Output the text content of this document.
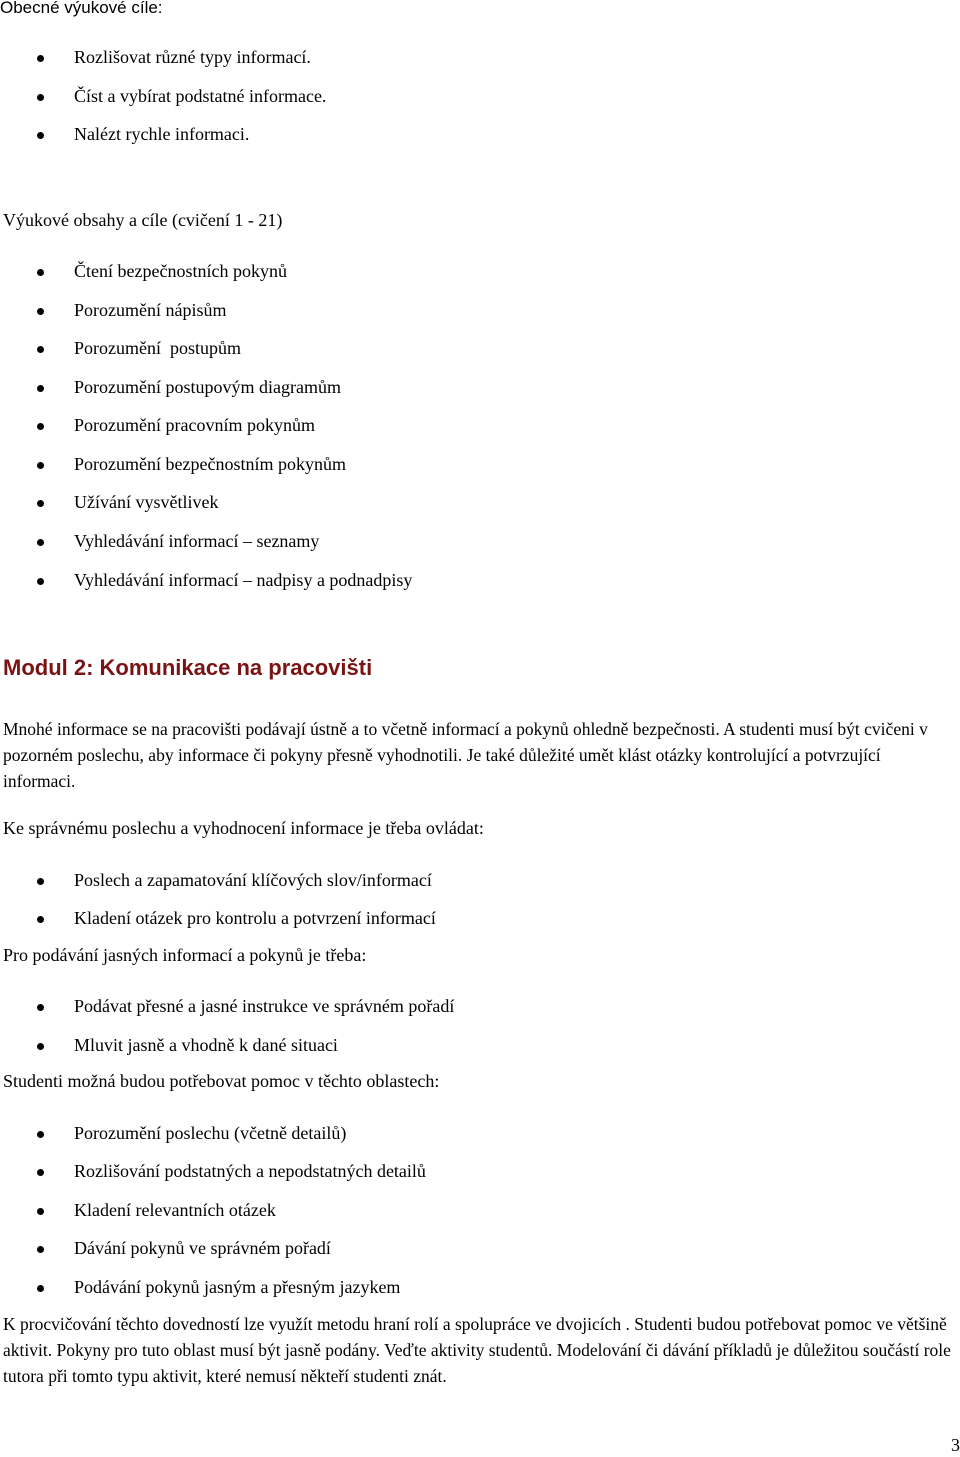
Obecné výukové cíle:
Rozlišovat různé typy informací.
Číst a vybírat podstatné informace.
Nalézt rychle informaci.
Výukové obsahy a cíle (cvičení 1 - 21)
Čtení bezpečnostních pokynů
Porozumění nápisům
Porozumění  postupům
Porozumění postupovým diagramům
Porozumění pracovním pokynům
Porozumění bezpečnostním pokynům
Užívání vysvětlivek
Vyhledávání informací – seznamy
Vyhledávání informací – nadpisy a podnadpisy
Modul 2: Komunikace na pracovišti
Mnohé informace se na pracovišti podávají ústně a to včetně informací a pokynů ohledně bezpečnosti. A studenti musí být cvičeni v pozorném poslechu, aby informace či pokyny přesně vyhodnotili. Je také důležité umět klást otázky kontrolující a potvrzující informaci.
Ke správnému poslechu a vyhodnocení informace je třeba ovládat:
Poslech a zapamatování klíčových slov/informací
Kladení otázek pro kontrolu a potvrzení informací
Pro podávání jasných informací a pokynů je třeba:
Podávat přesné a jasné instrukce ve správném pořadí
Mluvit jasně a vhodně k dané situaci
Studenti možná budou potřebovat pomoc v těchto oblastech:
Porozumění poslechu (včetně detailů)
Rozlišování podstatných a nepodstatných detailů
Kladení relevantních otázek
Dávání pokynů ve správném pořadí
Podávání pokynů jasným a přesným jazykem
K procvičování těchto dovedností lze využít metodu hraní rolí a spolupráce ve dvojicích . Studenti budou potřebovat pomoc ve většině aktivit. Pokyny pro tuto oblast musí být jasně podány. Veďte aktivity studentů. Modelování či dávání příkladů je důležitou součástí role tutora při tomto typu aktivit, které nemusí někteří studenti znát.
3
